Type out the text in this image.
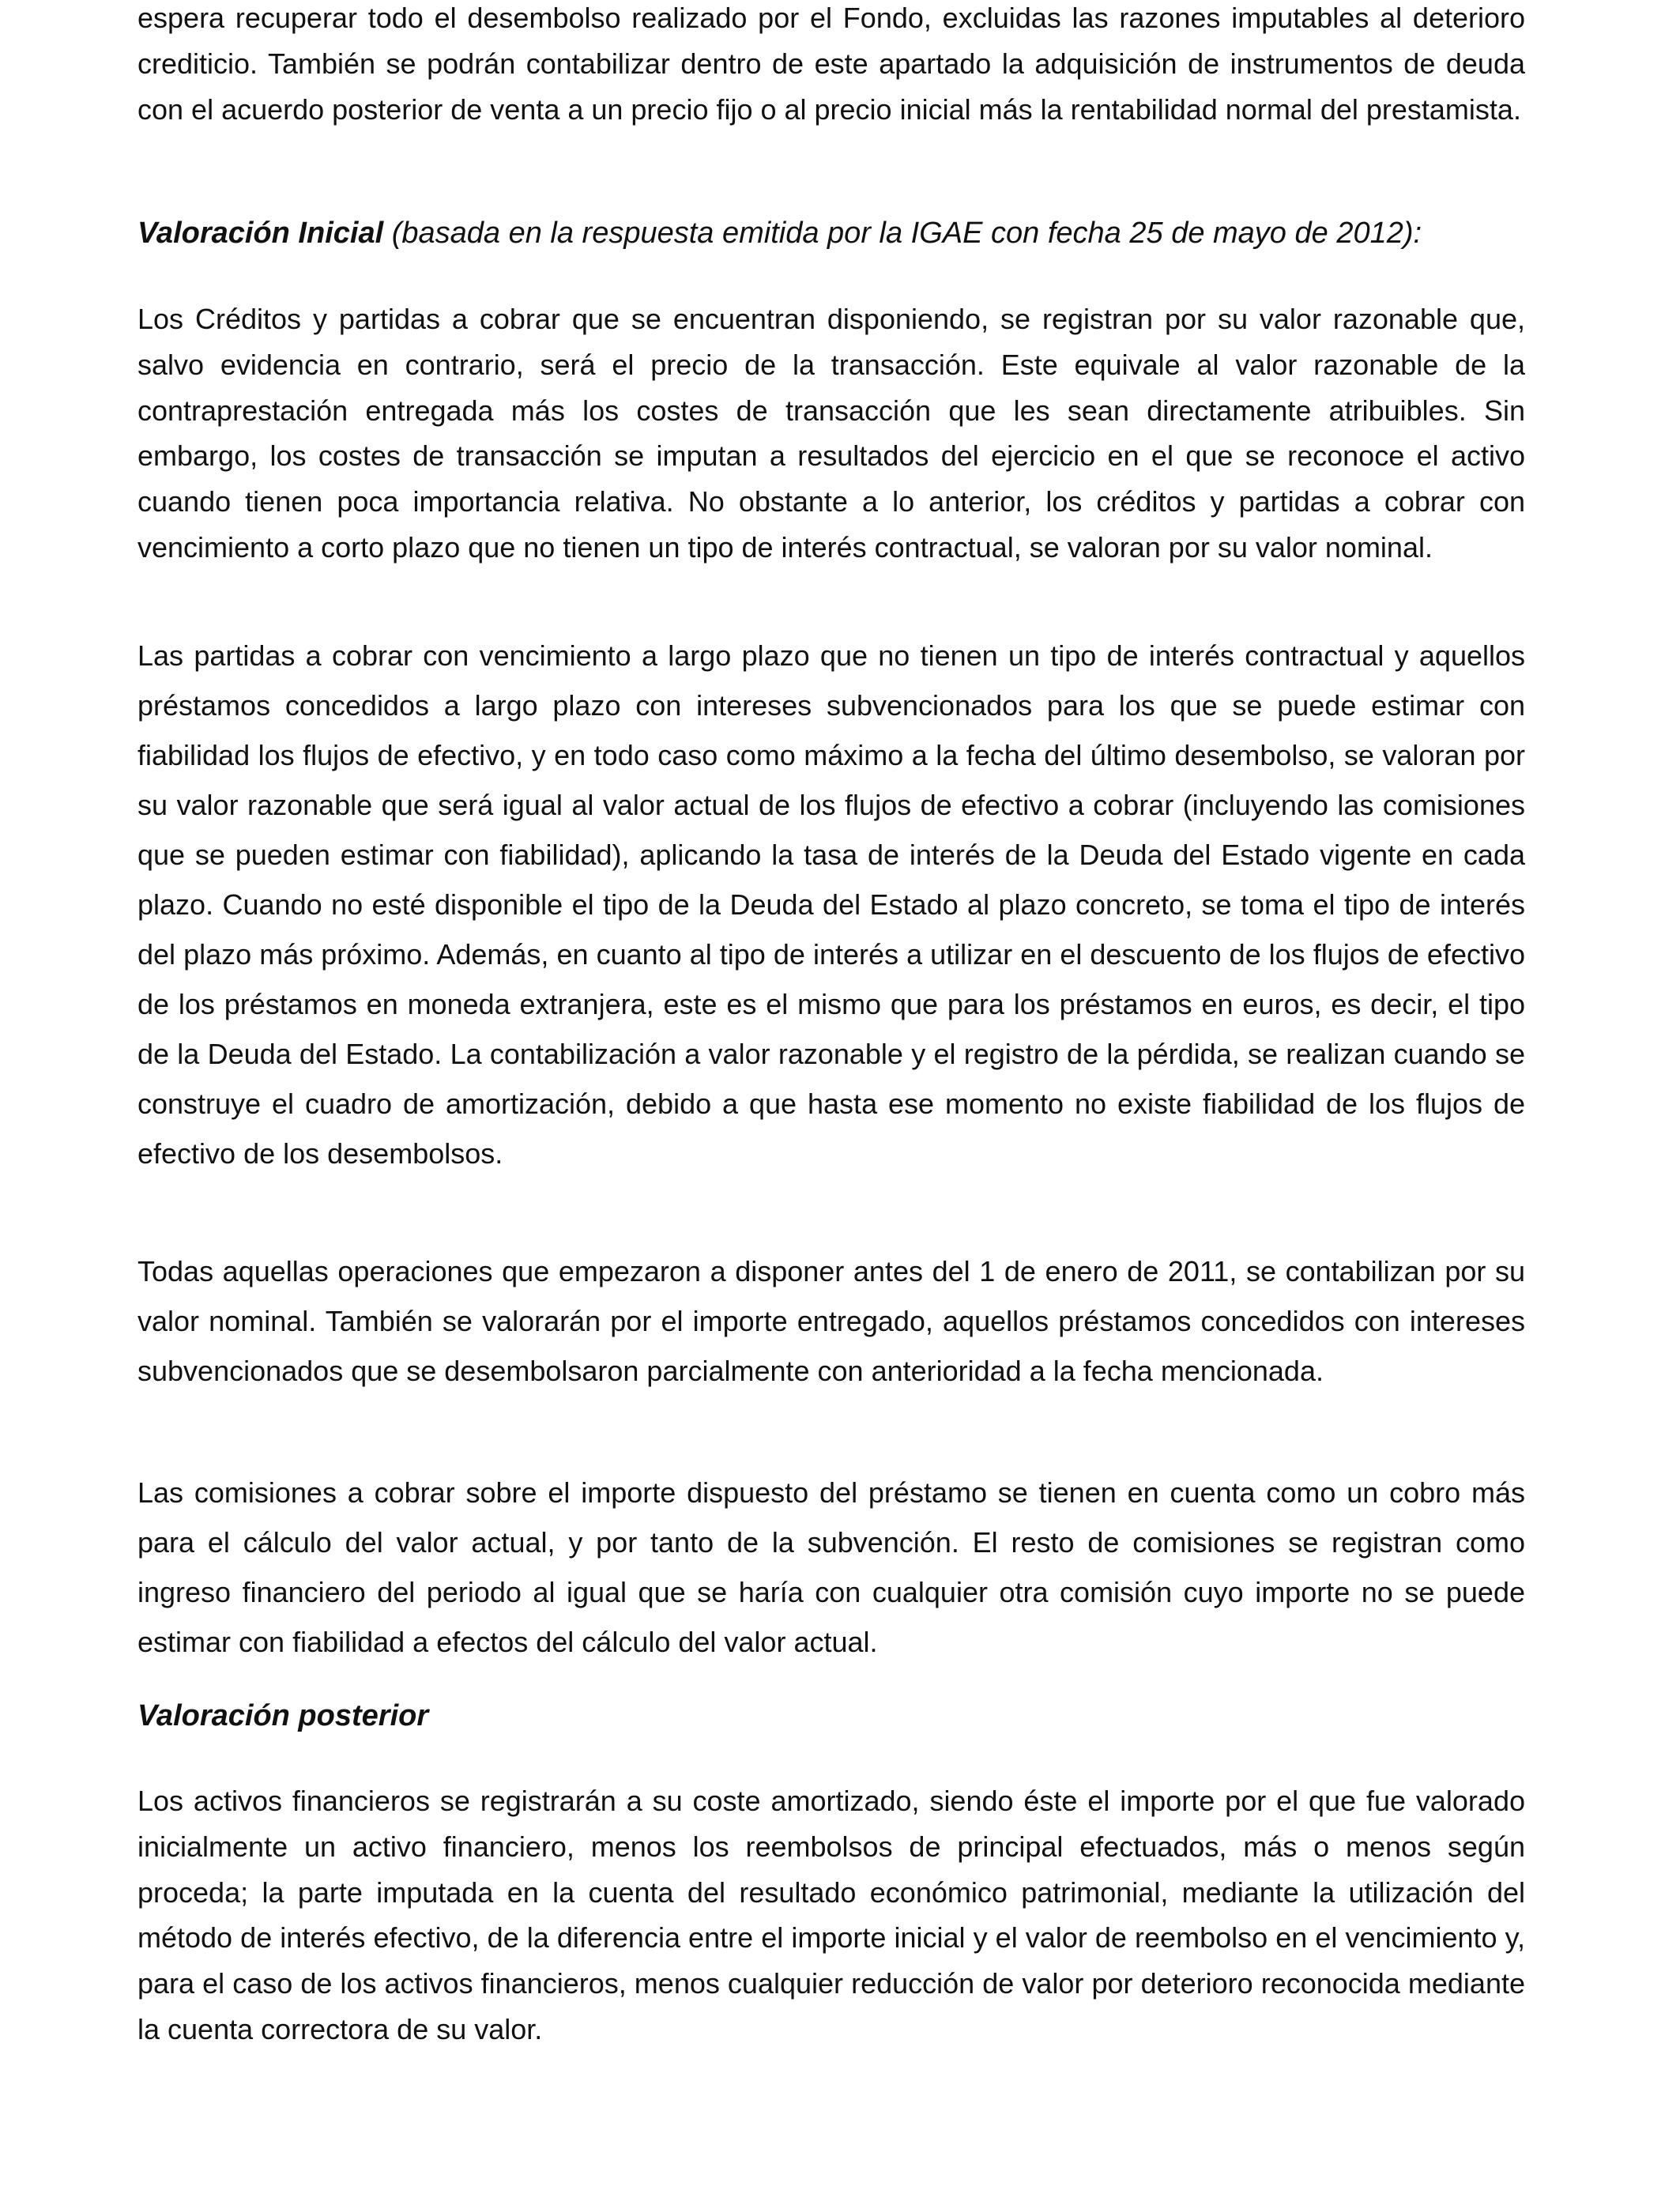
espera recuperar todo el desembolso realizado por el Fondo, excluidas las razones imputables al deterioro crediticio. También se podrán contabilizar dentro de este apartado la adquisición de instrumentos de deuda con el acuerdo posterior de venta a un precio fijo o al precio inicial más la rentabilidad normal del prestamista.

Valoración Inicial (basada en la respuesta emitida por la IGAE con fecha 25 de mayo de 2012):

Los Créditos y partidas a cobrar que se encuentran disponiendo, se registran por su valor razonable que, salvo evidencia en contrario, será el precio de la transacción. Este equivale al valor razonable de la contraprestación entregada más los costes de transacción que les sean directamente atribuibles. Sin embargo, los costes de transacción se imputan a resultados del ejercicio en el que se reconoce el activo cuando tienen poca importancia relativa. No obstante a lo anterior, los créditos y partidas a cobrar con vencimiento a corto plazo que no tienen un tipo de interés contractual, se valoran por su valor nominal.

Las partidas a cobrar con vencimiento a largo plazo que no tienen un tipo de interés contractual y aquellos préstamos concedidos a largo plazo con intereses subvencionados para los que se puede estimar con fiabilidad los flujos de efectivo, y en todo caso como máximo a la fecha del último desembolso, se valoran por su valor razonable que será igual al valor actual de los flujos de efectivo a cobrar (incluyendo las comisiones que se pueden estimar con fiabilidad), aplicando la tasa de interés de la Deuda del Estado vigente en cada plazo. Cuando no esté disponible el tipo de la Deuda del Estado al plazo concreto, se toma el tipo de interés del plazo más próximo. Además, en cuanto al tipo de interés a utilizar en el descuento de los flujos de efectivo de los préstamos en moneda extranjera, este es el mismo que para los préstamos en euros, es decir, el tipo de la Deuda del Estado. La contabilización a valor razonable y el registro de la pérdida, se realizan cuando se construye el cuadro de amortización, debido a que hasta ese momento no existe fiabilidad de los flujos de efectivo de los desembolsos.

Todas aquellas operaciones que empezaron a disponer antes del 1 de enero de 2011, se contabilizan por su valor nominal. También se valorarán por el importe entregado, aquellos préstamos concedidos con intereses subvencionados que se desembolsaron parcialmente con anterioridad a la fecha mencionada.

Las comisiones a cobrar sobre el importe dispuesto del préstamo se tienen en cuenta como un cobro más para el cálculo del valor actual, y por tanto de la subvención. El resto de comisiones se registran como ingreso financiero del periodo al igual que se haría con cualquier otra comisión cuyo importe no se puede estimar con fiabilidad a efectos del cálculo del valor actual.

Valoración posterior

Los activos financieros se registrarán a su coste amortizado, siendo éste el importe por el que fue valorado inicialmente un activo financiero, menos los reembolsos de principal efectuados, más o menos según proceda; la parte imputada en la cuenta del resultado económico patrimonial, mediante la utilización del método de interés efectivo, de la diferencia entre el importe inicial y el valor de reembolso en el vencimiento y, para el caso de los activos financieros, menos cualquier reducción de valor por deterioro reconocida mediante la cuenta correctora de su valor.
